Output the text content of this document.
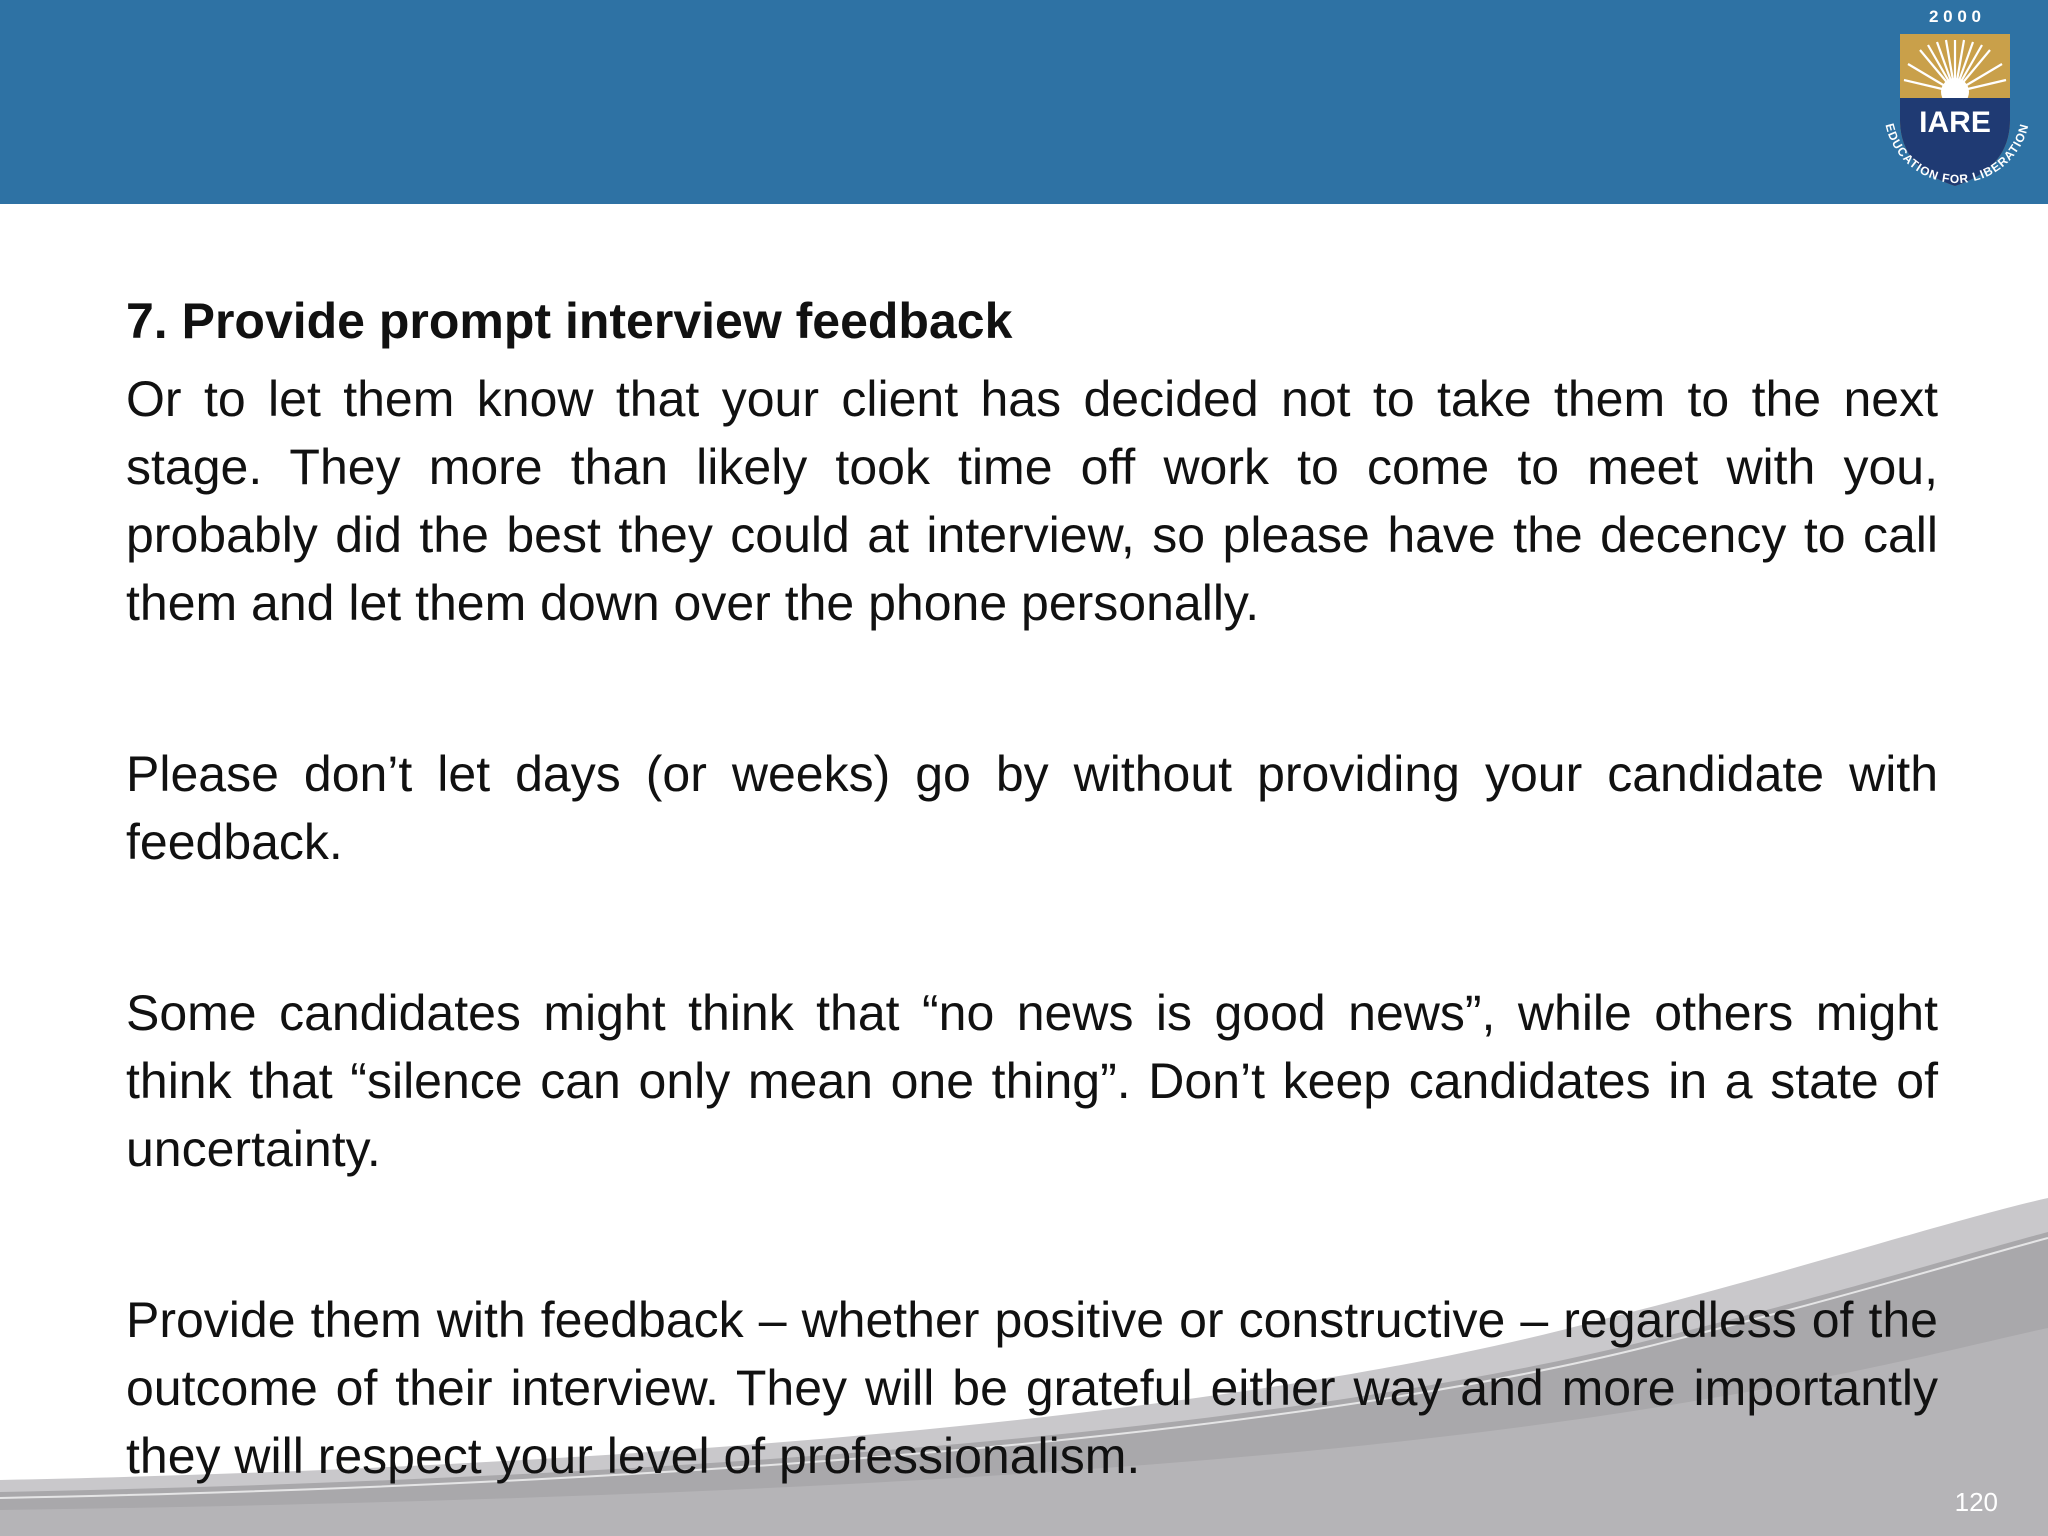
2 0 0 0
IARE
EDUCATION FOR LIBERATION
7. Provide prompt interview feedback

Or to let them know that your client has decided not to take them to the next stage. They more than likely took time off work to come to meet with you, probably did the best they could at interview, so please have the decency to call them and let them down over the phone personally.

Please don’t let days (or weeks) go by without providing your candidate with feedback.

Some candidates might think that “no news is good news”, while others might think that “silence can only mean one thing”. Don’t keep candidates in a state of uncertainty.

Provide them with feedback – whether positive or constructive – regardless of the outcome of their interview. They will be grateful either way and more importantly they will respect your level of professionalism.

120
